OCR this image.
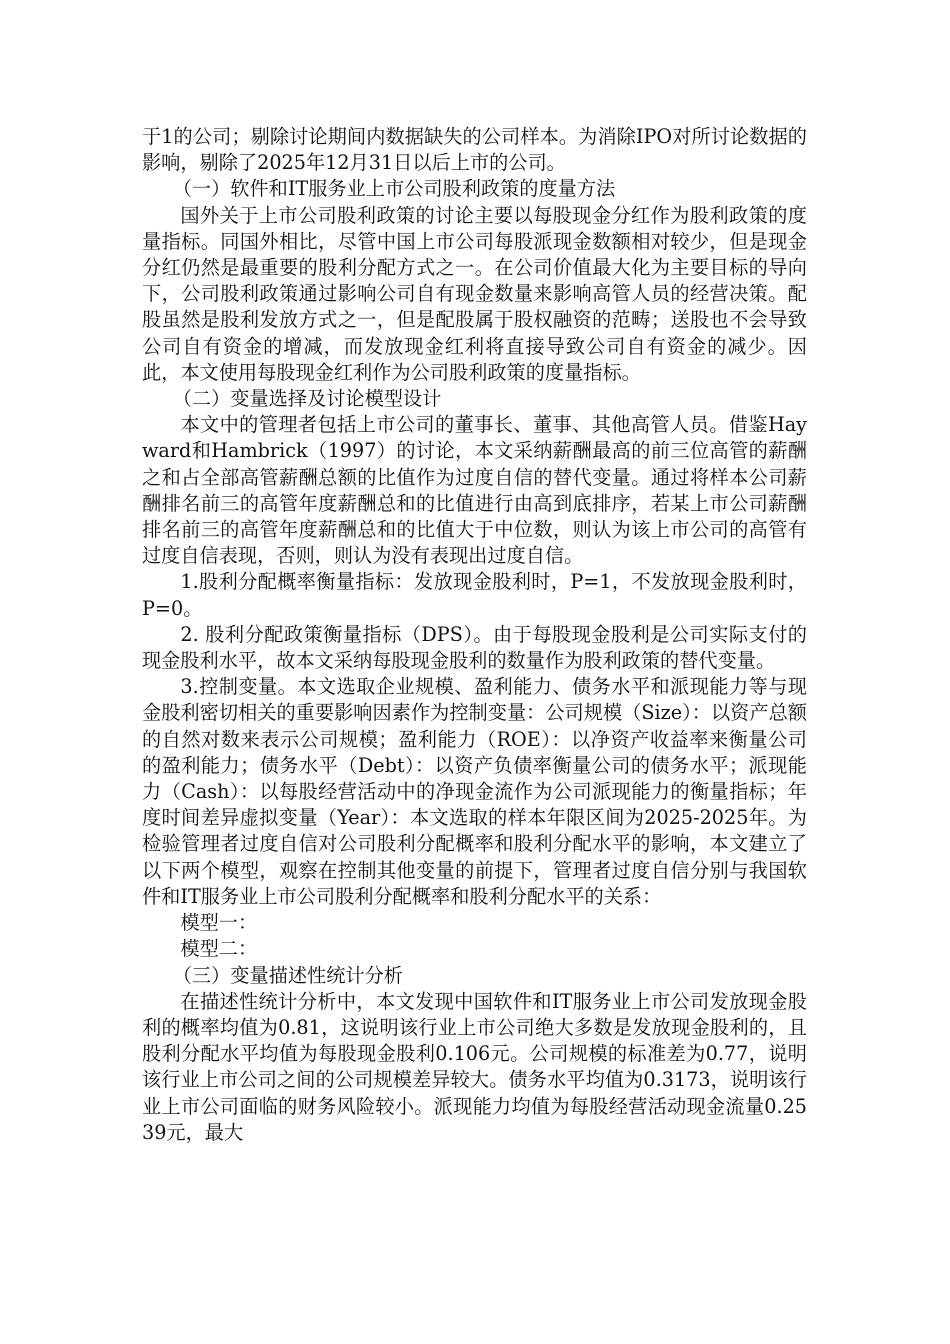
于1的公司；剔除讨论期间内数据缺失的公司样本。为消除IPO对所讨论数据的影响，剔除了2025年12月31日以后上市的公司。

（一）软件和IT服务业上市公司股利政策的度量方法

国外关于上市公司股利政策的讨论主要以每股现金分红作为股利政策的度量指标。同国外相比，尽管中国上市公司每股派现金数额相对较少，但是现金分红仍然是最重要的股利分配方式之一。在公司价值最大化为主要目标的导向下，公司股利政策通过影响公司自有现金数量来影响高管人员的经营决策。配股虽然是股利发放方式之一，但是配股属于股权融资的范畴；送股也不会导致公司自有资金的增减，而发放现金红利将直接导致公司自有资金的减少。因此，本文使用每股现金红利作为公司股利政策的度量指标。

（二）变量选择及讨论模型设计

本文中的管理者包括上市公司的董事长、董事、其他高管人员。借鉴Hayward和Hambrick（1997）的讨论，本文采纳薪酬最高的前三位高管的薪酬之和占全部高管薪酬总额的比值作为过度自信的替代变量。通过将样本公司薪酬排名前三的高管年度薪酬总和的比值进行由高到底排序，若某上市公司薪酬排名前三的高管年度薪酬总和的比值大于中位数，则认为该上市公司的高管有过度自信表现，否则，则认为没有表现出过度自信。

1.股利分配概率衡量指标：发放现金股利时，P=1，不发放现金股利时，P=0。

2. 股利分配政策衡量指标（DPS）。由于每股现金股利是公司实际支付的现金股利水平，故本文采纳每股现金股利的数量作为股利政策的替代变量。

3.控制变量。本文选取企业规模、盈利能力、债务水平和派现能力等与现金股利密切相关的重要影响因素作为控制变量：公司规模（Size）：以资产总额的自然对数来表示公司规模；盈利能力（ROE）：以净资产收益率来衡量公司的盈利能力；债务水平（Debt）：以资产负债率衡量公司的债务水平；派现能力（Cash）：以每股经营活动中的净现金流作为公司派现能力的衡量指标；年度时间差异虚拟变量（Year）：本文选取的样本年限区间为2025-2025年。为检验管理者过度自信对公司股利分配概率和股利分配水平的影响，本文建立了以下两个模型，观察在控制其他变量的前提下，管理者过度自信分别与我国软件和IT服务业上市公司股利分配概率和股利分配水平的关系：

模型一：

模型二：

（三）变量描述性统计分析

在描述性统计分析中，本文发现中国软件和IT服务业上市公司发放现金股利的概率均值为0.81，这说明该行业上市公司绝大多数是发放现金股利的，且股利分配水平均值为每股现金股利0.106元。公司规模的标准差为0.77，说明该行业上市公司之间的公司规模差异较大。债务水平均值为0.3173，说明该行业上市公司面临的财务风险较小。派现能力均值为每股经营活动现金流量0.2539元，最大
